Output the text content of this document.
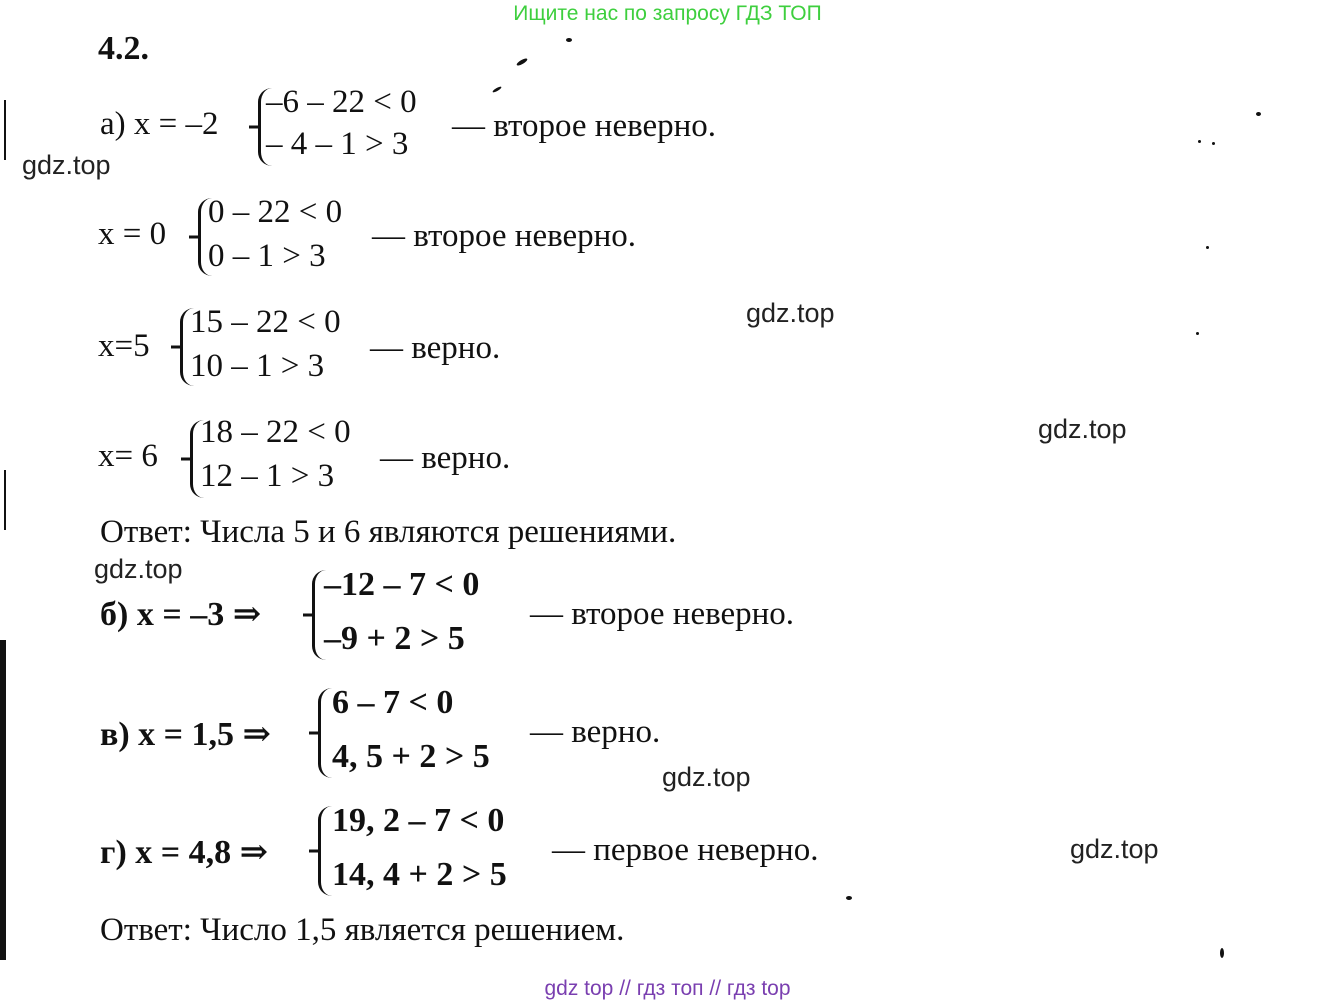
Ищите нас по запросу ГДЗ ТОП
gdz top // гдз топ // гдз top
gdz.top
gdz.top
gdz.top
gdz.top
gdz.top
gdz.top
4.2.
а) x = –2
–6 – 22 < 0
– 4 – 1 > 3 — второе неверно.
x = 0
0 – 22 < 0
0 – 1 > 3
— второе неверно.
x=5
15 – 22 < 0
10 – 1 > 3 — верно.
x= 6
18 – 22 < 0
12 – 1 > 3 — верно.
Ответ: Числа 5 и 6 являются решениями.
б) x = –3 ⇒
–12 – 7 < 0
–9 + 2 > 5
— второе неверно.
в) x = 1,5 ⇒
6 – 7 < 0
4, 5 + 2 > 5
— верно.
г) x = 4,8 ⇒
19, 2 – 7 < 0
14, 4 + 2 > 5
— первое неверно.
Ответ: Число 1,5 является решением.
